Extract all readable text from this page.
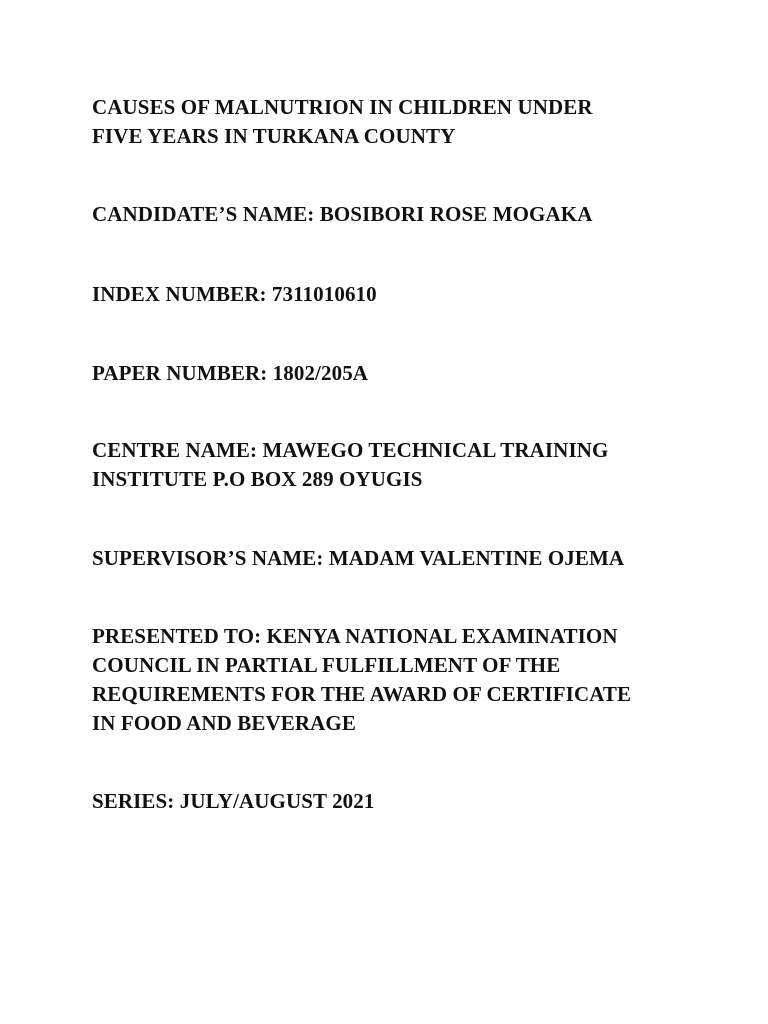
CAUSES OF MALNUTRION IN CHILDREN UNDER
FIVE YEARS IN TURKANA COUNTY
CANDIDATE’S NAME: BOSIBORI ROSE MOGAKA
INDEX NUMBER: 7311010610
PAPER NUMBER: 1802/205A
CENTRE NAME: MAWEGO TECHNICAL TRAINING
INSTITUTE P.O BOX 289 OYUGIS
SUPERVISOR’S NAME: MADAM VALENTINE OJEMA
PRESENTED TO: KENYA NATIONAL EXAMINATION
COUNCIL IN PARTIAL FULFILLMENT OF THE
REQUIREMENTS FOR THE AWARD OF CERTIFICATE
IN FOOD AND BEVERAGE
SERIES: JULY/AUGUST 2021
